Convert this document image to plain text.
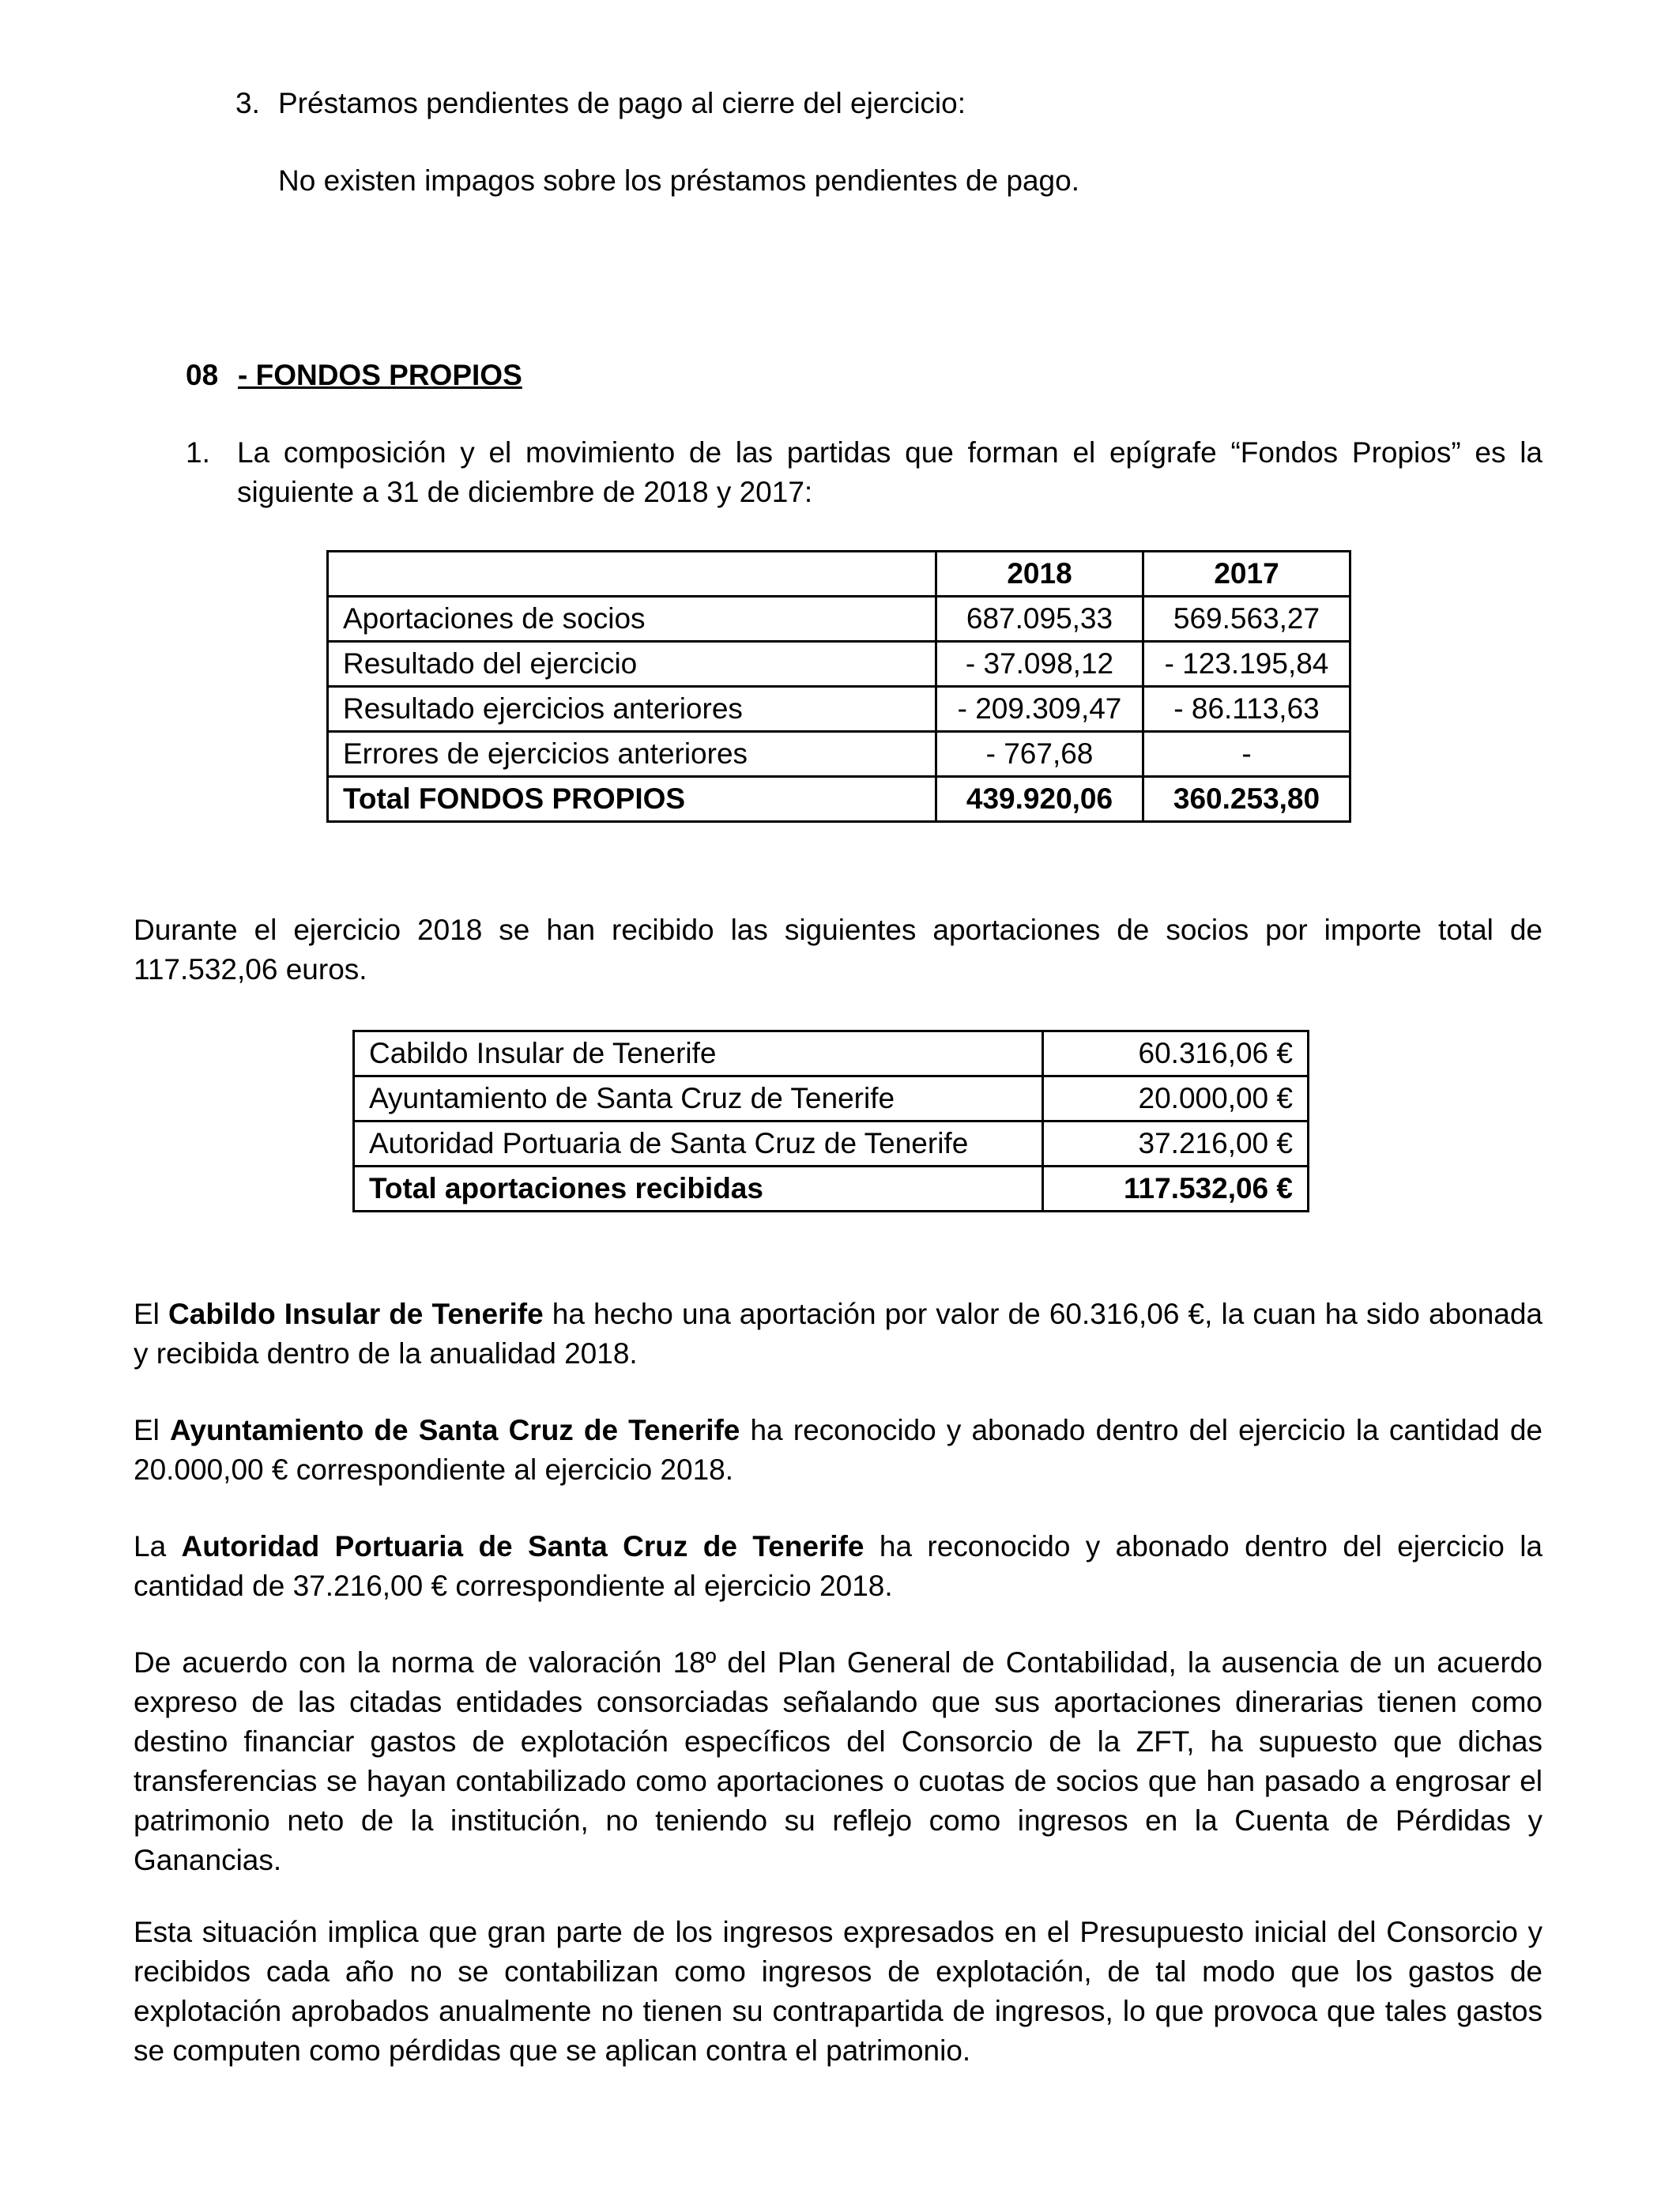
3. Préstamos pendientes de pago al cierre del ejercicio:
No existen impagos sobre los préstamos pendientes de pago.
08 - FONDOS PROPIOS
1. La composición y el movimiento de las partidas que forman el epígrafe “Fondos Propios” es la siguiente a 31 de diciembre de 2018 y 2017:
	2018	2017
Aportaciones de socios	687.095,33	569.563,27
Resultado del ejercicio	- 37.098,12	- 123.195,84
Resultado ejercicios anteriores	- 209.309,47	- 86.113,63
Errores de ejercicios anteriores	- 767,68	-
Total FONDOS PROPIOS	439.920,06	360.253,80
Durante el ejercicio 2018 se han recibido las siguientes aportaciones de socios por importe total de 117.532,06 euros.
Cabildo Insular de Tenerife	60.316,06 €
Ayuntamiento de Santa Cruz de Tenerife	20.000,00 €
Autoridad Portuaria de Santa Cruz de Tenerife	37.216,00 €
Total aportaciones recibidas	117.532,06 €
El Cabildo Insular de Tenerife ha hecho una aportación por valor de 60.316,06 €, la cuan ha sido abonada y recibida dentro de la anualidad 2018.
El Ayuntamiento de Santa Cruz de Tenerife ha reconocido y abonado dentro del ejercicio la cantidad de 20.000,00 € correspondiente al ejercicio 2018.
La Autoridad Portuaria de Santa Cruz de Tenerife ha reconocido y abonado dentro del ejercicio la cantidad de 37.216,00 € correspondiente al ejercicio 2018.
De acuerdo con la norma de valoración 18º del Plan General de Contabilidad, la ausencia de un acuerdo expreso de las citadas entidades consorciadas señalando que sus aportaciones dinerarias tienen como destino financiar gastos de explotación específicos del Consorcio de la ZFT, ha supuesto que dichas transferencias se hayan contabilizado como aportaciones o cuotas de socios que han pasado a engrosar el patrimonio neto de la institución, no teniendo su reflejo como ingresos en la Cuenta de Pérdidas y Ganancias.
Esta situación implica que gran parte de los ingresos expresados en el Presupuesto inicial del Consorcio y recibidos cada año no se contabilizan como ingresos de explotación, de tal modo que los gastos de explotación aprobados anualmente no tienen su contrapartida de ingresos, lo que provoca que tales gastos se computen como pérdidas que se aplican contra el patrimonio.
